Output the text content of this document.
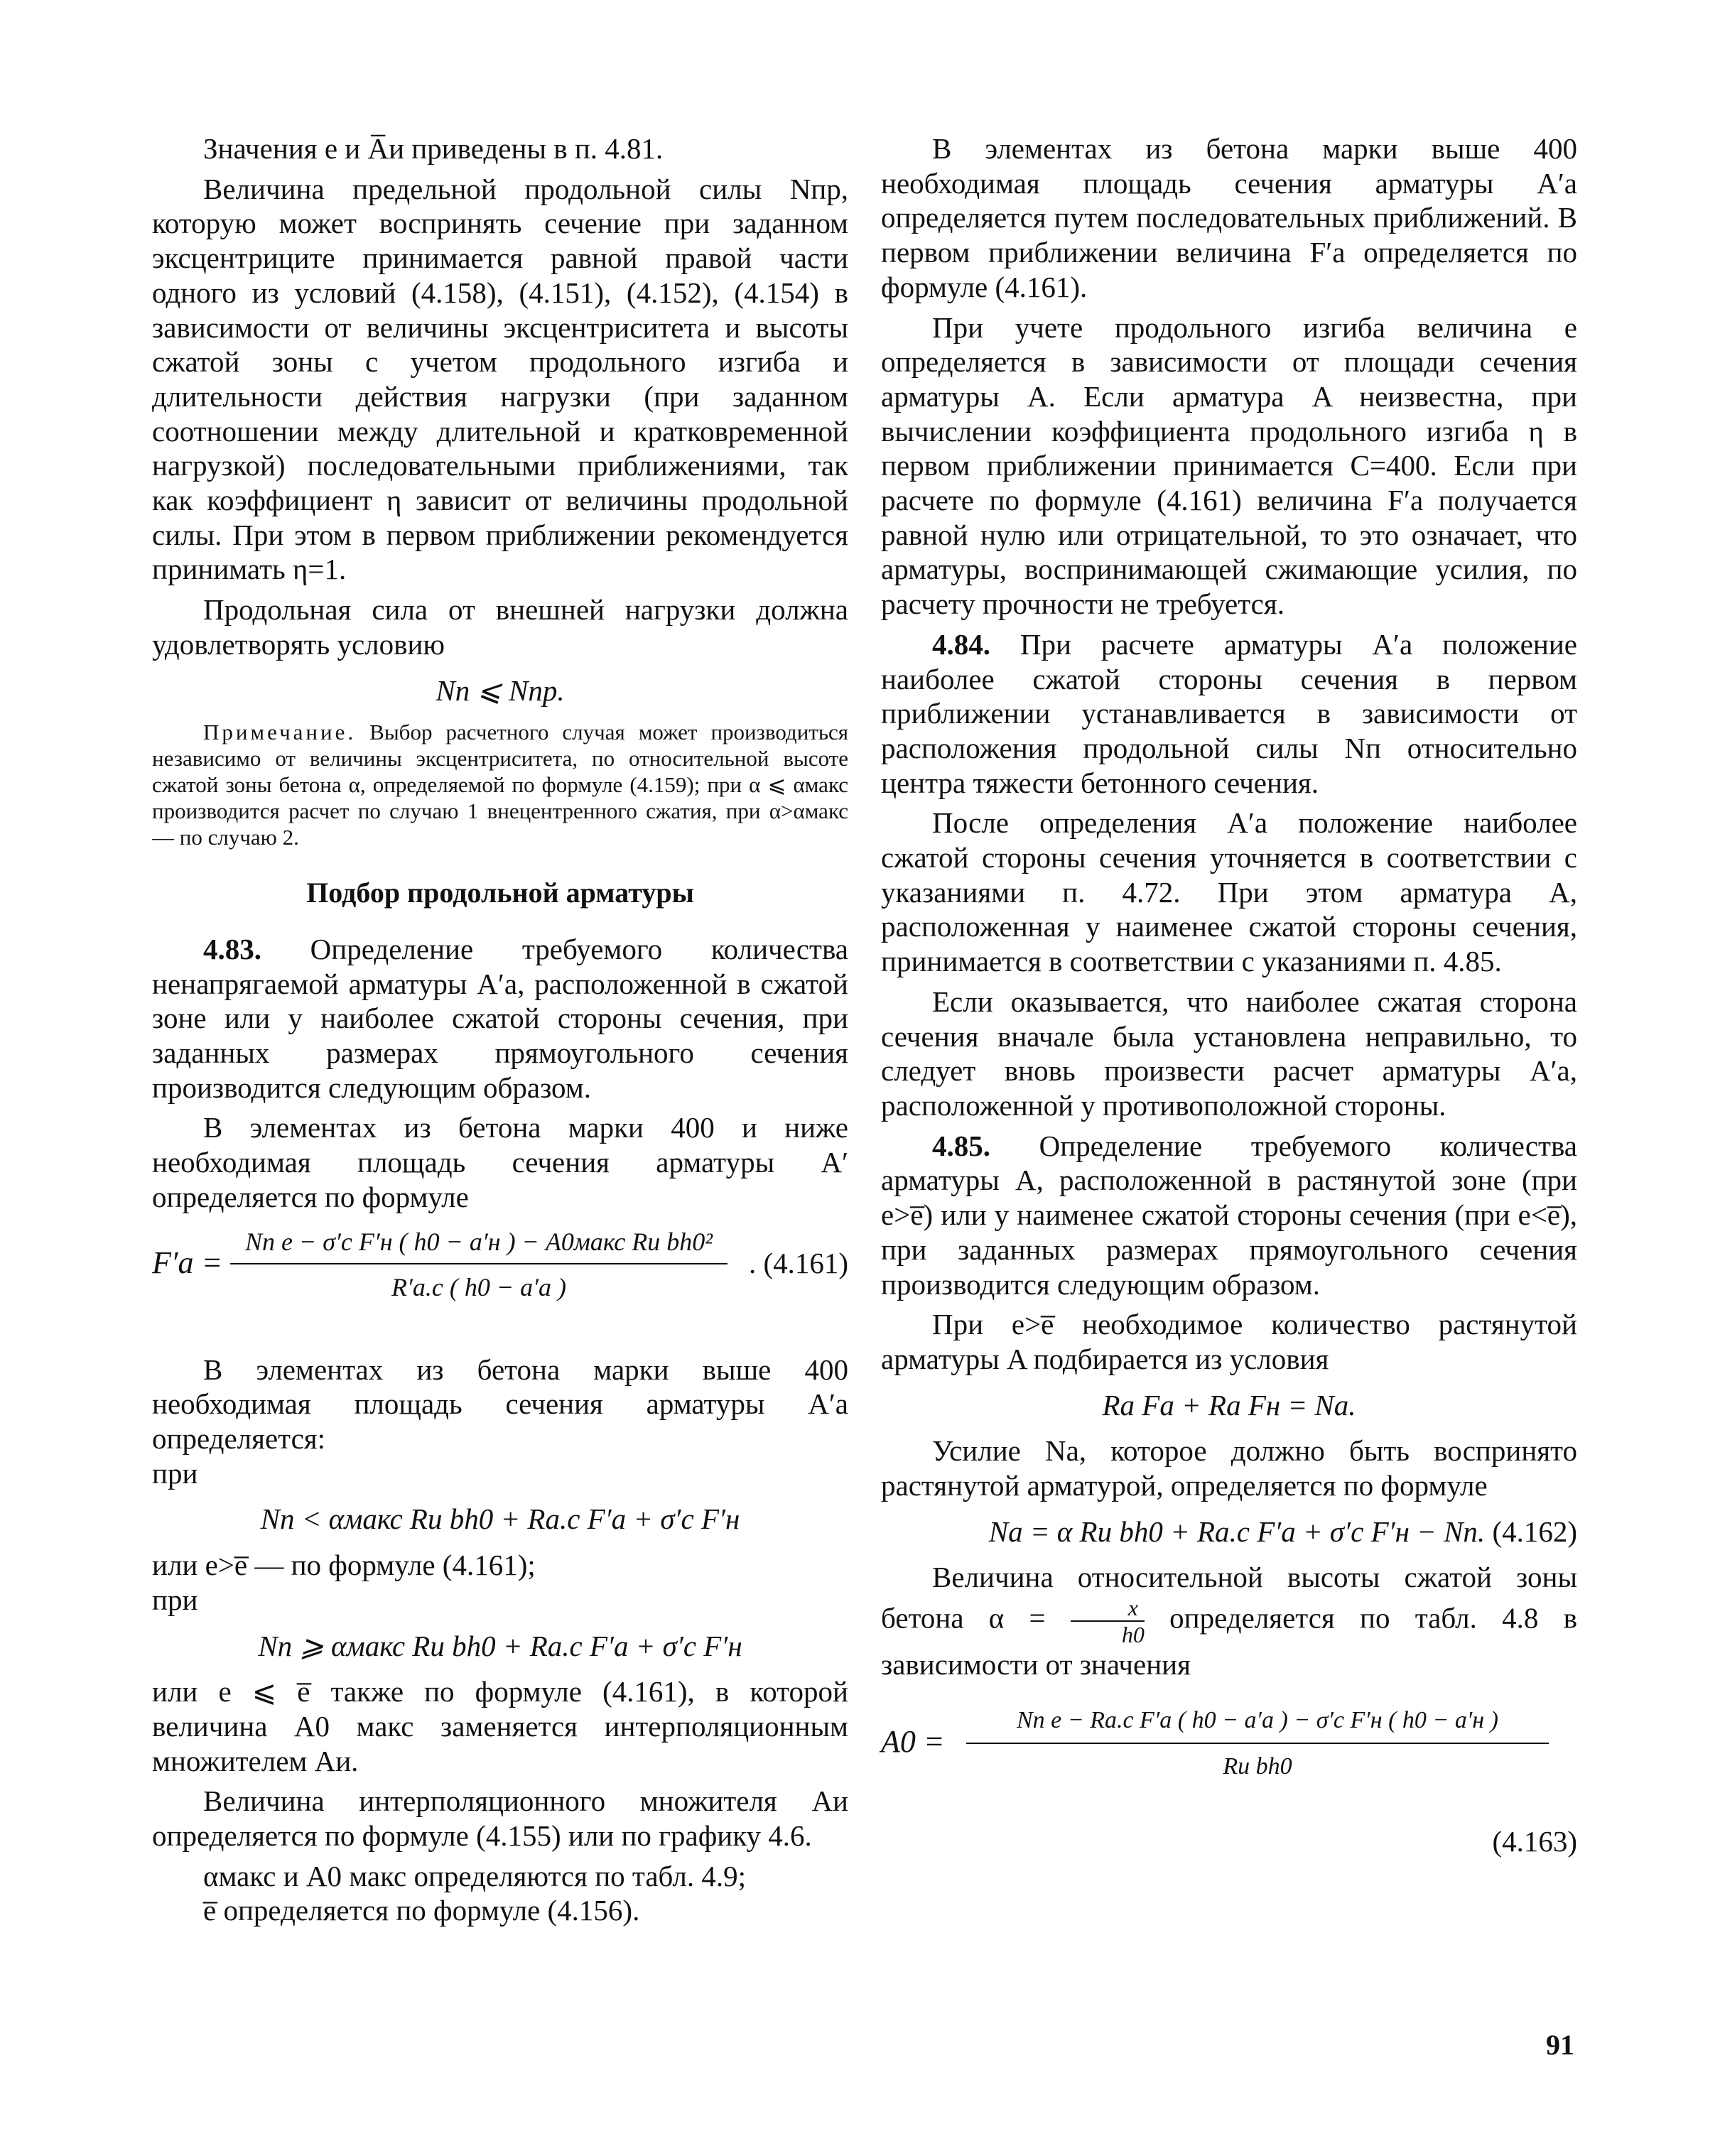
Значения e и A̅и приведены в п. 4.81.

Величина предельной продольной силы Nпр, которую может воспринять сечение при заданном эксцентриците принимается равной правой части одного из условий (4.158), (4.151), (4.152), (4.154) в зависимости от величины эксцентриситета и высоты сжатой зоны с учетом продольного изгиба и длительности действия нагрузки (при заданном соотношении между длительной и кратковременной нагрузкой) последовательными приближениями, так как коэффициент η зависит от величины продольной силы. При этом в первом приближении рекомендуется принимать η=1.

Продольная сила от внешней нагрузки должна удовлетворять условию

Nп ⩽ Nпр.

Примечание. Выбор расчетного случая может производиться независимо от величины эксцентриситета, по относительной высоте сжатой зоны бетона α, определяемой по формуле (4.159); при α ⩽ αмакс производится расчет по случаю 1 внецентренного сжатия, при α>αмакс — по случаю 2.

Подбор продольной арматуры

4.83. Определение требуемого количества ненапрягаемой арматуры A′а, расположенной в сжатой зоне или у наиболее сжатой стороны сечения, при заданных размерах прямоугольного сечения производится следующим образом.

В элементах из бетона марки 400 и ниже необходимая площадь сечения арматуры A′ определяется по формуле

F′а =
Nп e − σ′с F′н ( h0 − a′н ) − A0макс Rи bh0²
R′а.с ( h0 − a′а )
. (4.161)

В элементах из бетона марки выше 400 необходимая площадь сечения арматуры A′а определяется:

при

Nп < αмакс Rи bh0 + Rа.с F′а + σ′с F′н

или e>e̅ — по формуле (4.161);

при

Nп ⩾ αмакс Rи bh0 + Rа.с F′а + σ′с F′н

или e ⩽ e̅ также по формуле (4.161), в которой величина A0 макс заменяется интерполяционным множителем Aи.

Величина интерполяционного множителя Aи определяется по формуле (4.155) или по графику 4.6.

αмакс и A0 макс определяются по табл. 4.9;

e̅ определяется по формуле (4.156).

В элементах из бетона марки выше 400 необходимая площадь сечения арматуры A′а определяется путем последовательных приближений. В первом приближении величина F′а определяется по формуле (4.161).

При учете продольного изгиба величина e определяется в зависимости от площади сечения арматуры A. Если арматура A неизвестна, при вычислении коэффициента продольного изгиба η в первом приближении принимается C=400. Если при расчете по формуле (4.161) величина F′а получается равной нулю или отрицательной, то это означает, что арматуры, воспринимающей сжимающие усилия, по расчету прочности не требуется.

4.84. При расчете арматуры A′а положение наиболее сжатой стороны сечения в первом приближении устанавливается в зависимости от расположения продольной силы Nп относительно центра тяжести бетонного сечения.

После определения A′а положение наиболее сжатой стороны сечения уточняется в соответствии с указаниями п. 4.72. При этом арматура A, расположенная у наименее сжатой стороны сечения, принимается в соответствии с указаниями п. 4.85.

Если оказывается, что наиболее сжатая сторона сечения вначале была установлена неправильно, то следует вновь произвести расчет арматуры A′а, расположенной у противоположной стороны.

4.85. Определение требуемого количества арматуры A, расположенной в растянутой зоне (при e>e̅) или у наименее сжатой стороны сечения (при e<e̅), при заданных размерах прямоугольного сечения производится следующим образом.

При e>e̅ необходимое количество растянутой арматуры A подбирается из условия

Rа Fа + Rа Fн = Nа.

Усилие Nа, которое должно быть воспринято растянутой арматурой, определяется по формуле

Nа = α Rи bh0 + Rа.с F′а + σ′с F′н − Nп. (4.162)

Величина относительной высоты сжатой зоны бетона $\alpha = \frac{x}{h0}$ определяется по табл. 4.8 в зависимости от значения

A0 =
Nп e − Rа.с F′а ( h0 − a′а ) − σ′с F′н ( h0 − a′н )
Rи bh0

(4.163)

91
